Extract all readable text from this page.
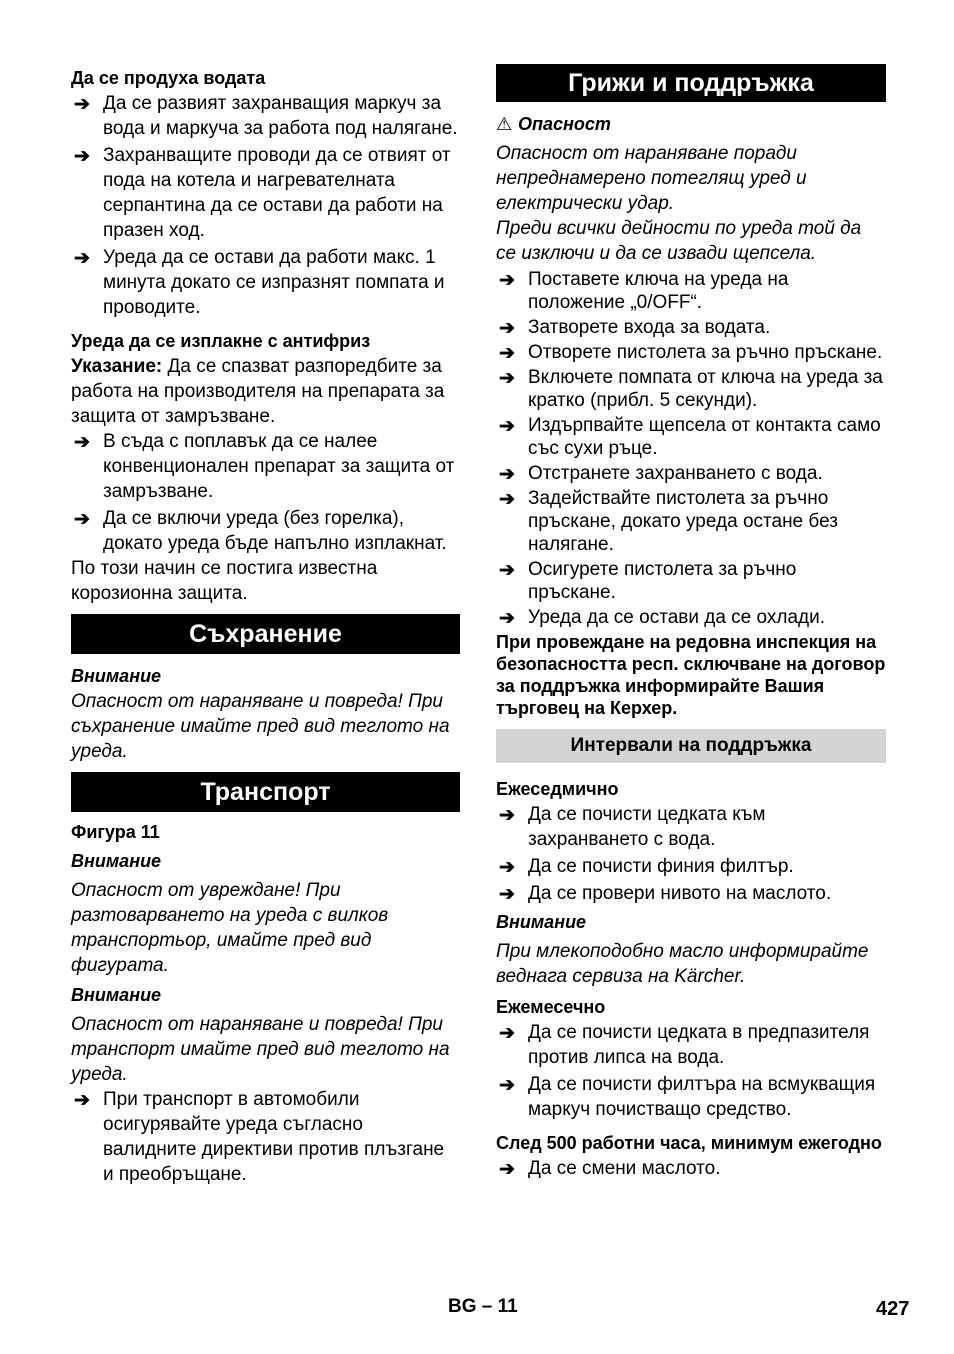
Да се продуха водата
➔ Да се развият захранващия маркуч за вода и маркуча за работа под налягане.
➔ Захранващите проводи да се отвият от пода на котела и нагревателната серпантина да се остави да работи на празен ход.
➔ Уреда да се остави да работи макс. 1 минута докато се изпразнят помпата и проводите.
Уреда да се изплакне с антифриз

Указание: Да се спазват разпоредбите за работа на производителя на препарата за защита от замръзване.

➔ В съда с поплавък да се налее конвенционален препарат за защита от замръзване.
➔ Да се включи уреда (без горелка), докато уреда бъде напълно изплакнат.

По този начин се постига известна корозионна защита.

Съхранение
Внимание

Опасност от нараняване и повреда! При съхранение имайте пред вид теглото на уреда.

Транспорт
Фигура 11
Внимание

Опасност от увреждане! При разтоварването на уреда с вилков транспортьор, имайте пред вид фигурата.

Внимание

Опасност от нараняване и повреда! При транспорт имайте пред вид теглото на уреда.

➔ При транспорт в автомобили осигурявайте уреда съгласно валидните директиви против плъзгане и преобръщане.
Грижи и поддръжка
⚠ Опасност

Опасност от нараняване поради непреднамерено потеглящ уред и електрически удар.

Преди всички дейности по уреда той да се изключи и да се извади щепсела.

➔ Поставете ключа на уреда на положение „0/OFF“.
➔ Затворете входа за водата.
➔ Отворете пистолета за ръчно пръскане.
➔ Включете помпата от ключа на уреда за кратко (прибл. 5 секунди).
➔ Издърпвайте щепсела от контакта само със сухи ръце.
➔ Отстранете захранването с вода.
➔ Задействайте пистолета за ръчно пръскане, докато уреда остане без налягане.
➔ Осигурете пистолета за ръчно пръскане.
➔ Уреда да се остави да се охлади.

При провеждане на редовна инспекция на безопасността респ. сключване на договор за поддръжка информирайте Вашия търговец на Керхер.

Интервали на поддръжка
Ежеседмично
➔ Да се почисти цедката към захранването с вода.
➔ Да се почисти финия филтър.
➔ Да се провери нивото на маслото.
Внимание

При млекоподобно масло информирайте веднага сервиза на Kärcher.

Ежемесечно
➔ Да се почисти цедката в предпазителя против липса на вода.
➔ Да се почисти филтъра на всмукващия маркуч почистващо средство.
След 500 работни часа, минимум ежегодно
➔ Да се смени маслото.
BG – 11	427
